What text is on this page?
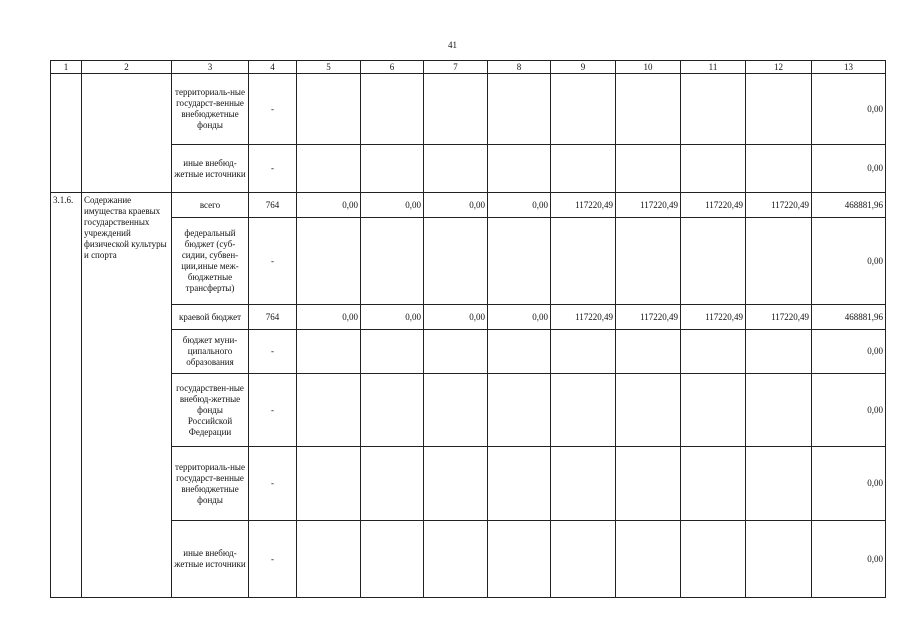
41
1	2	3	4	5	6	7	8	9	10	11	12	13
		территориаль-ные государст-венные внебюджетные фонды	-									0,00
		иные внебюд-жетные источники	-									0,00
3.1.6.	Содержание имущества краевых государственных учреждений физической культуры и спорта	всего	764	0,00	0,00	0,00	0,00	117220,49	117220,49	117220,49	117220,49	468881,96
		федеральный бюджет (суб-сидии, субвен-ции,иные меж-бюджетные трансферты)	-									0,00
		краевой бюджет	764	0,00	0,00	0,00	0,00	117220,49	117220,49	117220,49	117220,49	468881,96
		бюджет муни-ципального образования	-									0,00
		государствен-ные внебюд-жетные фонды Российской Федерации	-									0,00
		территориаль-ные государст-венные внебюджетные фонды	-									0,00
		иные внебюд-жетные источники	-									0,00
